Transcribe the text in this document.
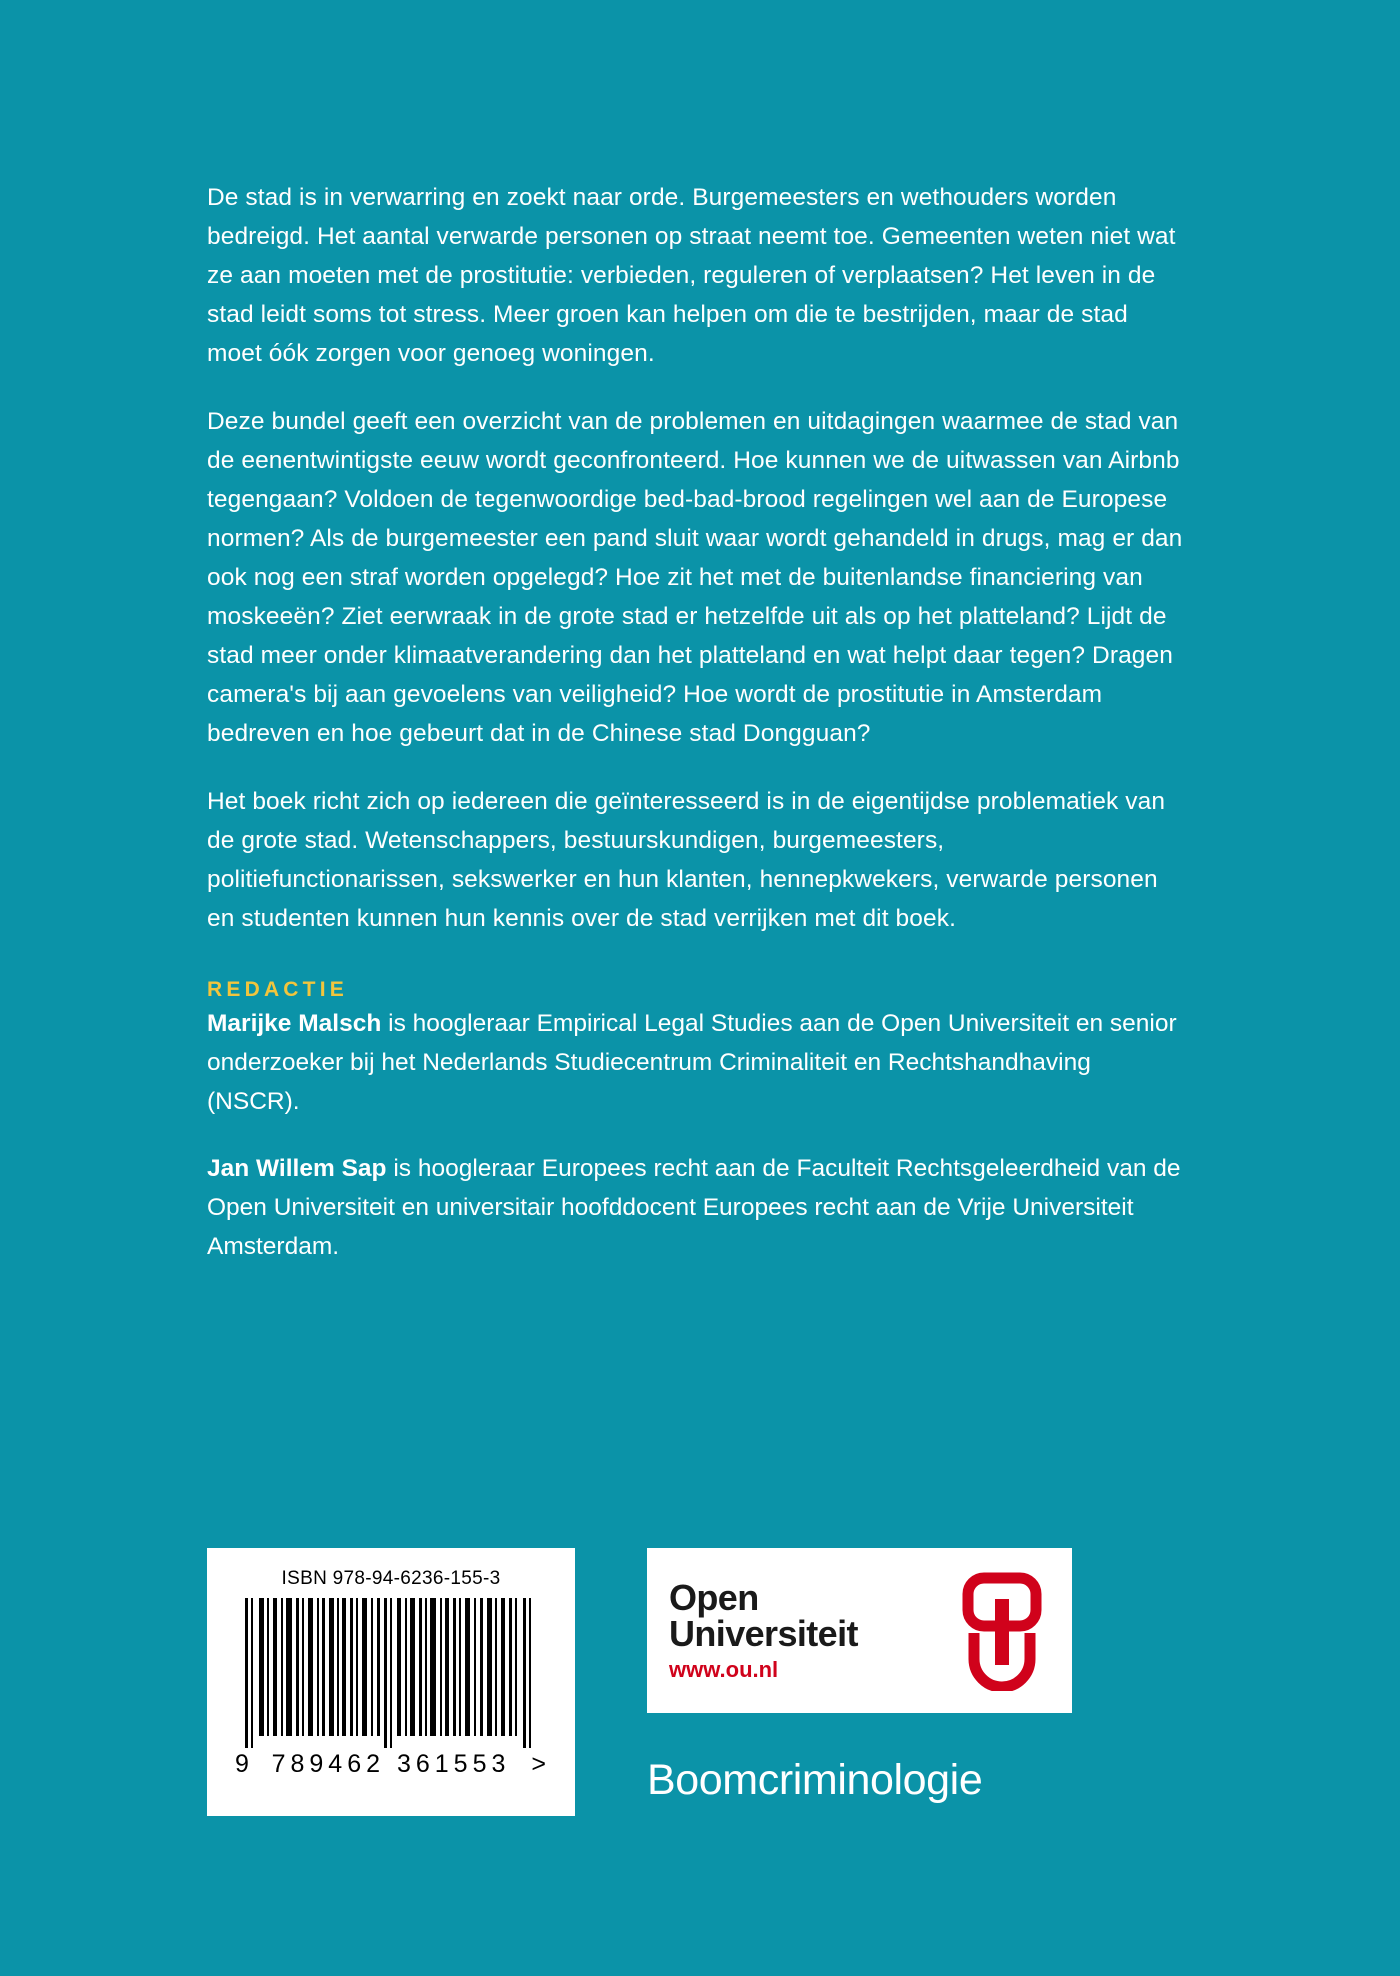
De stad is in verwarring en zoekt naar orde. Burgemeesters en wethouders worden bedreigd. Het aantal verwarde personen op straat neemt toe. Gemeenten weten niet wat ze aan moeten met de prostitutie: verbieden, reguleren of verplaatsen? Het leven in de stad leidt soms tot stress. Meer groen kan helpen om die te bestrijden, maar de stad moet óók zorgen voor genoeg woningen.

Deze bundel geeft een overzicht van de problemen en uitdagingen waarmee de stad van de eenentwintigste eeuw wordt geconfronteerd. Hoe kunnen we de uitwassen van Airbnb tegengaan? Voldoen de tegenwoordige bed-bad-brood regelingen wel aan de Europese normen? Als de burgemeester een pand sluit waar wordt gehandeld in drugs, mag er dan ook nog een straf worden opgelegd? Hoe zit het met de buitenlandse financiering van moskeeën? Ziet eerwraak in de grote stad er hetzelfde uit als op het platteland? Lijdt de stad meer onder klimaatverandering dan het platteland en wat helpt daar tegen? Dragen camera's bij aan gevoelens van veiligheid? Hoe wordt de prostitutie in Amsterdam bedreven en hoe gebeurt dat in de Chinese stad Dongguan?

Het boek richt zich op iedereen die geïnteresseerd is in de eigentijdse problematiek van de grote stad. Wetenschappers, bestuurskundigen, burgemeesters, politiefunctionarissen, sekswerker en hun klanten, hennepkwekers, verwarde personen en studenten kunnen hun kennis over de stad verrijken met dit boek.

REDACTIE
Marijke Malsch is hoogleraar Empirical Legal Studies aan de Open Universiteit en senior onderzoeker bij het Nederlands Studiecentrum Criminaliteit en Rechtshandhaving (NSCR).
Jan Willem Sap is hoogleraar Europees recht aan de Faculteit Rechtsgeleerdheid van de Open Universiteit en universitair hoofddocent Europees recht aan de Vrije Universiteit Amsterdam.
ISBN 978-94-6236-155-3
9 789462 361553 >
Open Universiteit
www.ou.nl
Boomcriminologie
